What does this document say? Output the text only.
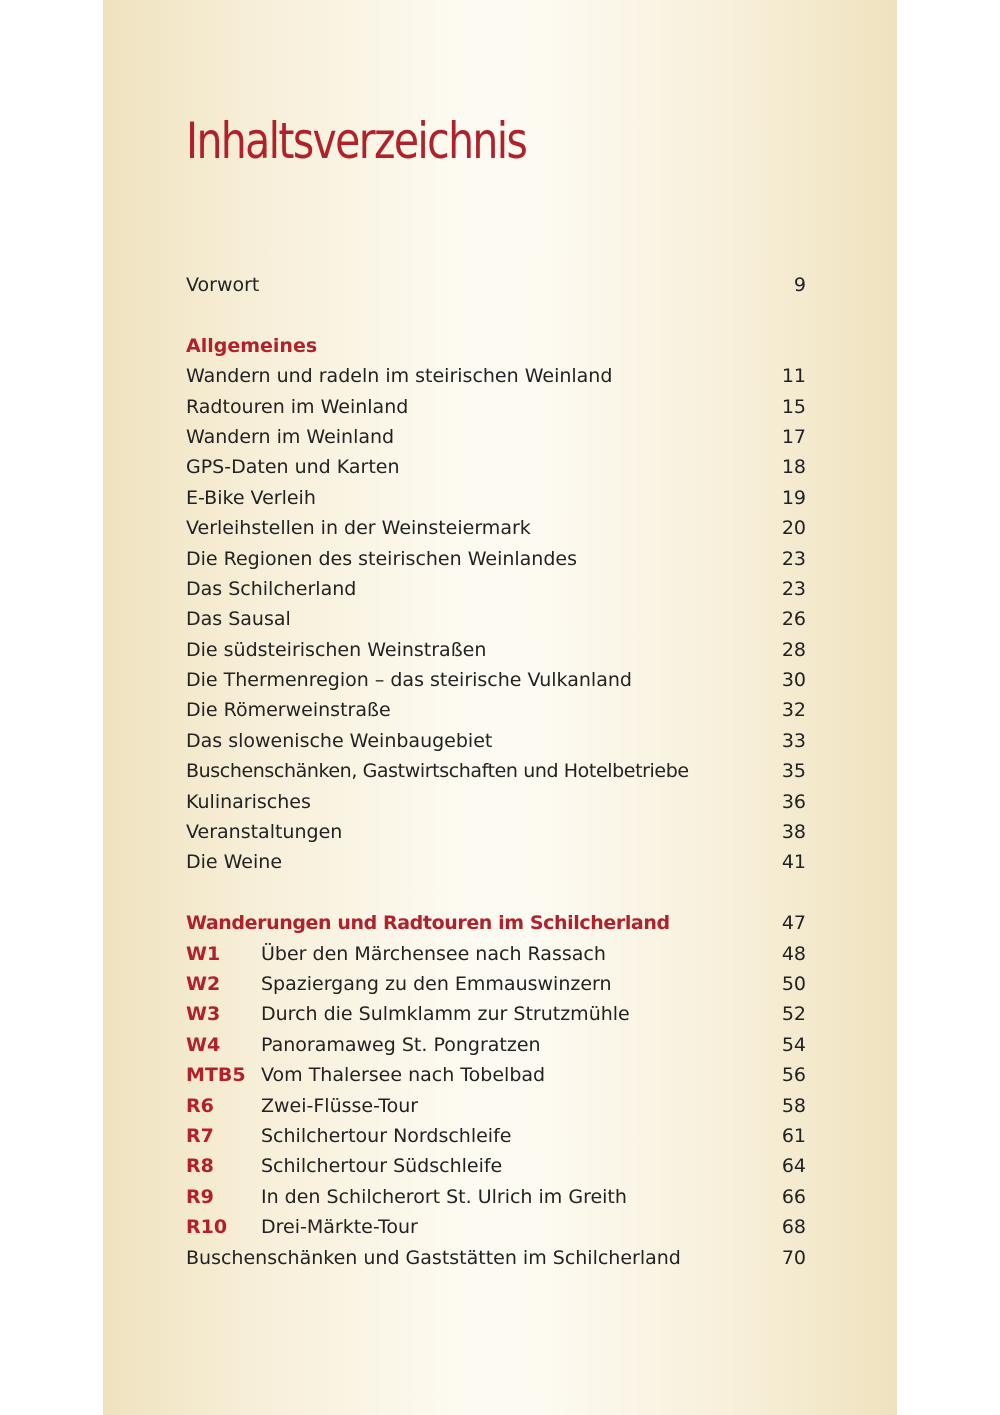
Inhaltsverzeichnis
Vorwort	9
Allgemeines
Wandern und radeln im steirischen Weinland	11
Radtouren im Weinland	15
Wandern im Weinland	17
GPS-Daten und Karten	18
E-Bike Verleih	19
Verleihstellen in der Weinsteiermark	20
Die Regionen des steirischen Weinlandes	23
Das Schilcherland	23
Das Sausal	26
Die südsteirischen Weinstraßen	28
Die Thermenregion – das steirische Vulkanland	30
Die Römerweinstraße	32
Das slowenische Weinbaugebiet	33
Buschenschänken, Gastwirtschaften und Hotelbetriebe	35
Kulinarisches	36
Veranstaltungen	38
Die Weine	41
Wanderungen und Radtouren im Schilcherland	47
W1 Über den Märchensee nach Rassach	48
W2 Spaziergang zu den Emmauswinzern	50
W3 Durch die Sulmklamm zur Strutzmühle	52
W4 Panoramaweg St. Pongratzen	54
MTB5 Vom Thalersee nach Tobelbad	56
R6 Zwei-Flüsse-Tour	58
R7 Schilchertour Nordschleife	61
R8 Schilchertour Südschleife	64
R9 In den Schilcherort St. Ulrich im Greith	66
R10 Drei-Märkte-Tour	68
Buschenschänken und Gaststätten im Schilcherland	70
